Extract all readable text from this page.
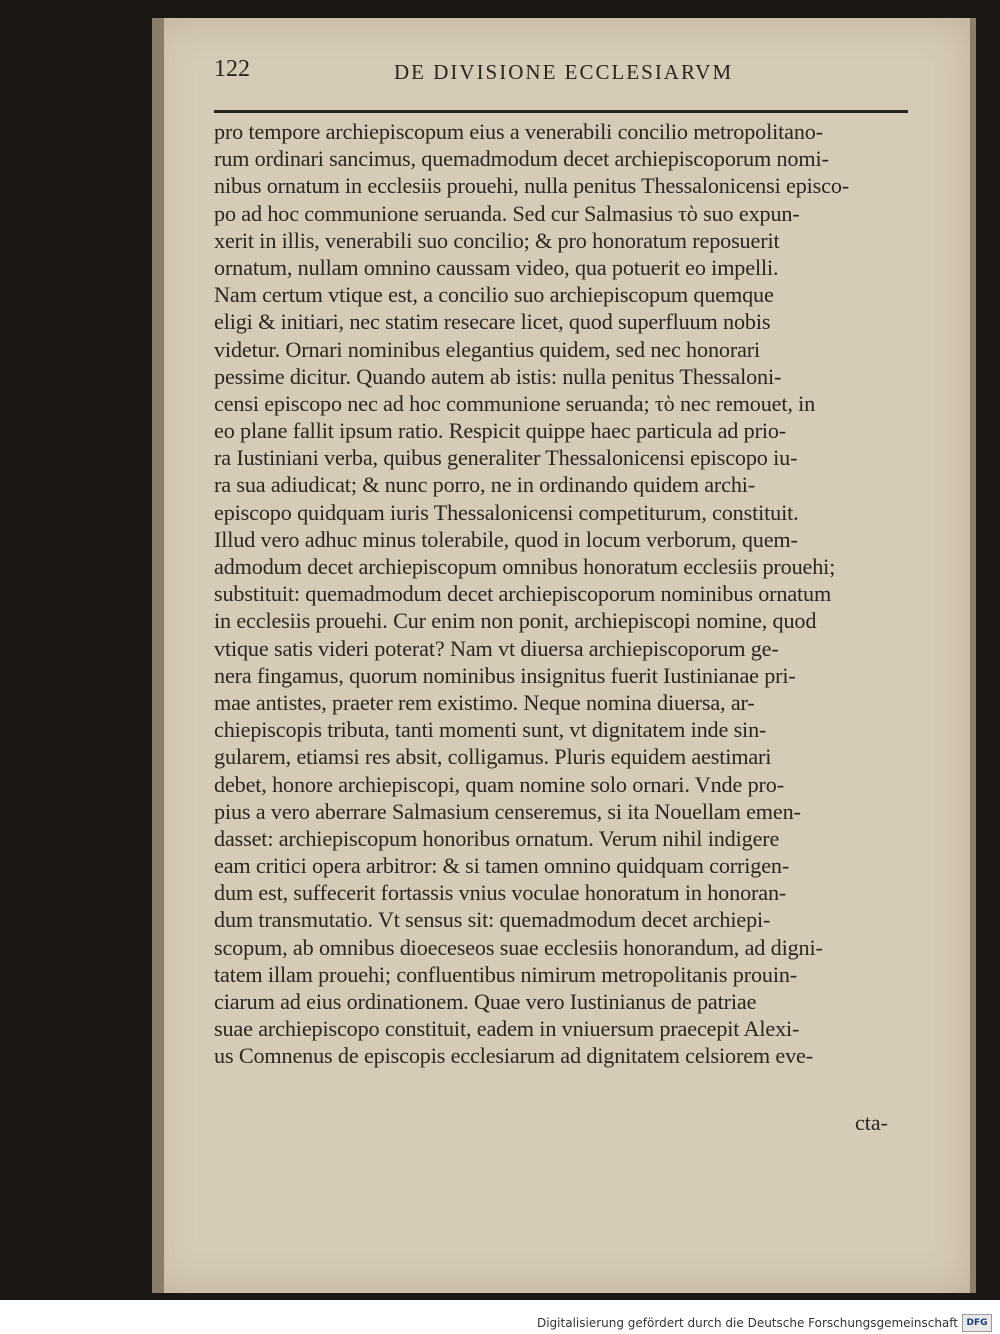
122	DE DIVISIONE ECCLESIARVM
pro tempore archiepiscopum eius a venerabili concilio metropolitano-
rum ordinari sancimus, quemadmodum decet archiepiscoporum nomi-
nibus ornatum in ecclesiis prouehi, nulla penitus Thessalonicensi episco-
po ad hoc communione seruanda. Sed cur Salmasius τὸ suo expun-
xerit in illis, venerabili suo concilio; & pro honoratum reposuerit
ornatum, nullam omnino caussam video, qua potuerit eo impelli.
Nam certum vtique est, a concilio suo archiepiscopum quemque
eligi & initiari, nec statim resecare licet, quod superfluum nobis
videtur. Ornari nominibus elegantius quidem, sed nec honorari
pessime dicitur. Quando autem ab istis: nulla penitus Thessaloni-
censi episcopo nec ad hoc communione seruanda; τὸ nec remouet, in
eo plane fallit ipsum ratio. Respicit quippe haec particula ad prio-
ra Iustiniani verba, quibus generaliter Thessalonicensi episcopo iu-
ra sua adiudicat; & nunc porro, ne in ordinando quidem archi-
episcopo quidquam iuris Thessalonicensi competiturum, constituit.
Illud vero adhuc minus tolerabile, quod in locum verborum, quem-
admodum decet archiepiscopum omnibus honoratum ecclesiis prouehi;
substituit: quemadmodum decet archiepiscoporum nominibus ornatum
in ecclesiis prouehi. Cur enim non ponit, archiepiscopi nomine, quod
vtique satis videri poterat? Nam vt diuersa archiepiscoporum ge-
nera fingamus, quorum nominibus insignitus fuerit Iustinianae pri-
mae antistes, praeter rem existimo. Neque nomina diuersa, ar-
chiepiscopis tributa, tanti momenti sunt, vt dignitatem inde sin-
gularem, etiamsi res absit, colligamus. Pluris equidem aestimari
debet, honore archiepiscopi, quam nomine solo ornari. Vnde pro-
pius a vero aberrare Salmasium censeremus, si ita Nouellam emen-
dasset: archiepiscopum honoribus ornatum. Verum nihil indigere
eam critici opera arbitror: & si tamen omnino quidquam corrigen-
dum est, suffecerit fortassis vnius voculae honoratum in honoran-
dum transmutatio. Vt sensus sit: quemadmodum decet archiepi-
scopum, ab omnibus dioeceseos suae ecclesiis honorandum, ad digni-
tatem illam prouehi; confluentibus nimirum metropolitanis prouin-
ciarum ad eius ordinationem. Quae vero Iustinianus de patriae
suae archiepiscopo constituit, eadem in vniuersum praecepit Alexi-
us Comnenus de episcopis ecclesiarum ad dignitatem celsiorem eve-
cta-
Digitalisierung gefördert durch die Deutsche Forschungsgemeinschaft DFG
